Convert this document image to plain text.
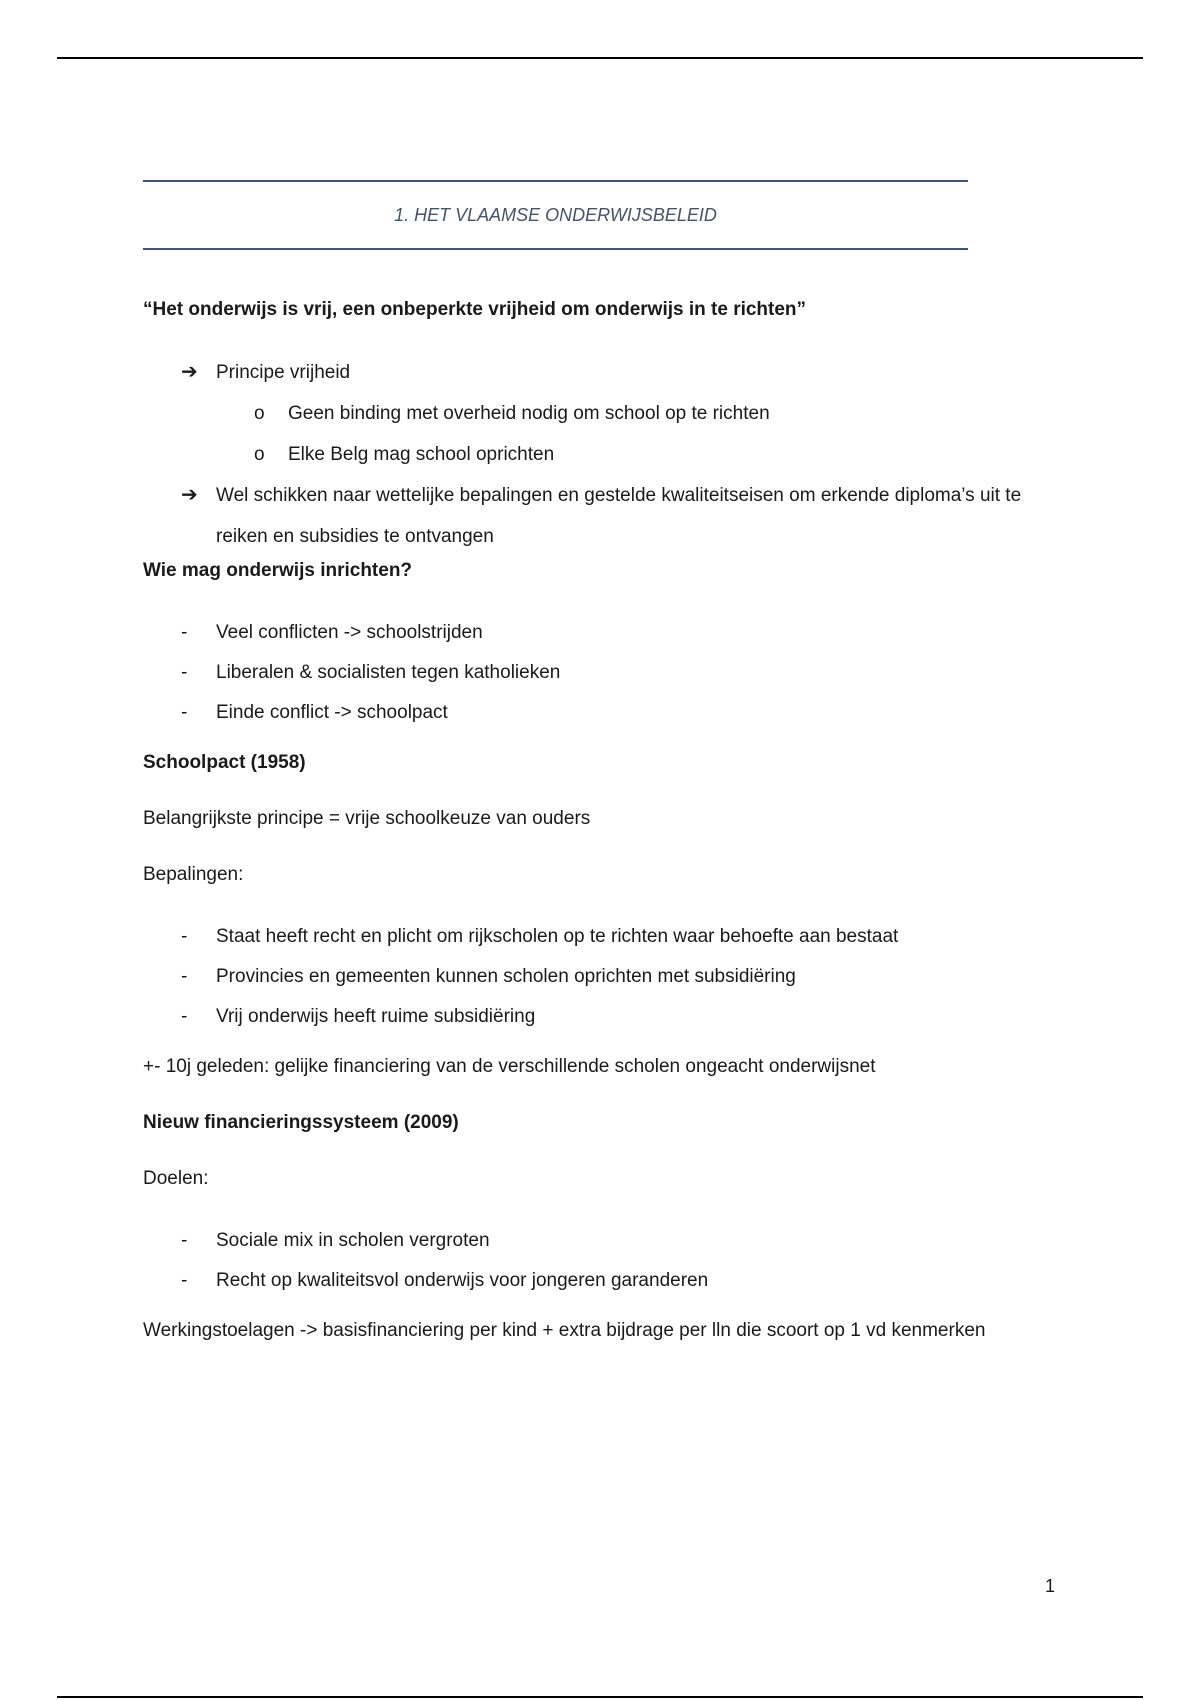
1. HET VLAAMSE ONDERWIJSBELEID

“Het onderwijs is vrij, een onbeperkte vrijheid om onderwijs in te richten”

➔ Principe vrijheid
o Geen binding met overheid nodig om school op te richten
o Elke Belg mag school oprichten
➔ Wel schikken naar wettelijke bepalingen en gestelde kwaliteitseisen om erkende diploma’s uit te reiken en subsidies te ontvangen

Wie mag onderwijs inrichten?

- Veel conflicten -> schoolstrijden
- Liberalen & socialisten tegen katholieken
- Einde conflict -> schoolpact

Schoolpact (1958)

Belangrijkste principe = vrije schoolkeuze van ouders

Bepalingen:

- Staat heeft recht en plicht om rijkscholen op te richten waar behoefte aan bestaat
- Provincies en gemeenten kunnen scholen oprichten met subsidiëring
- Vrij onderwijs heeft ruime subsidiëring

+- 10j geleden: gelijke financiering van de verschillende scholen ongeacht onderwijsnet

Nieuw financieringssysteem (2009)

Doelen:

- Sociale mix in scholen vergroten
- Recht op kwaliteitsvol onderwijs voor jongeren garanderen

Werkingstoelagen -> basisfinanciering per kind + extra bijdrage per lln die scoort op 1 vd kenmerken

1
